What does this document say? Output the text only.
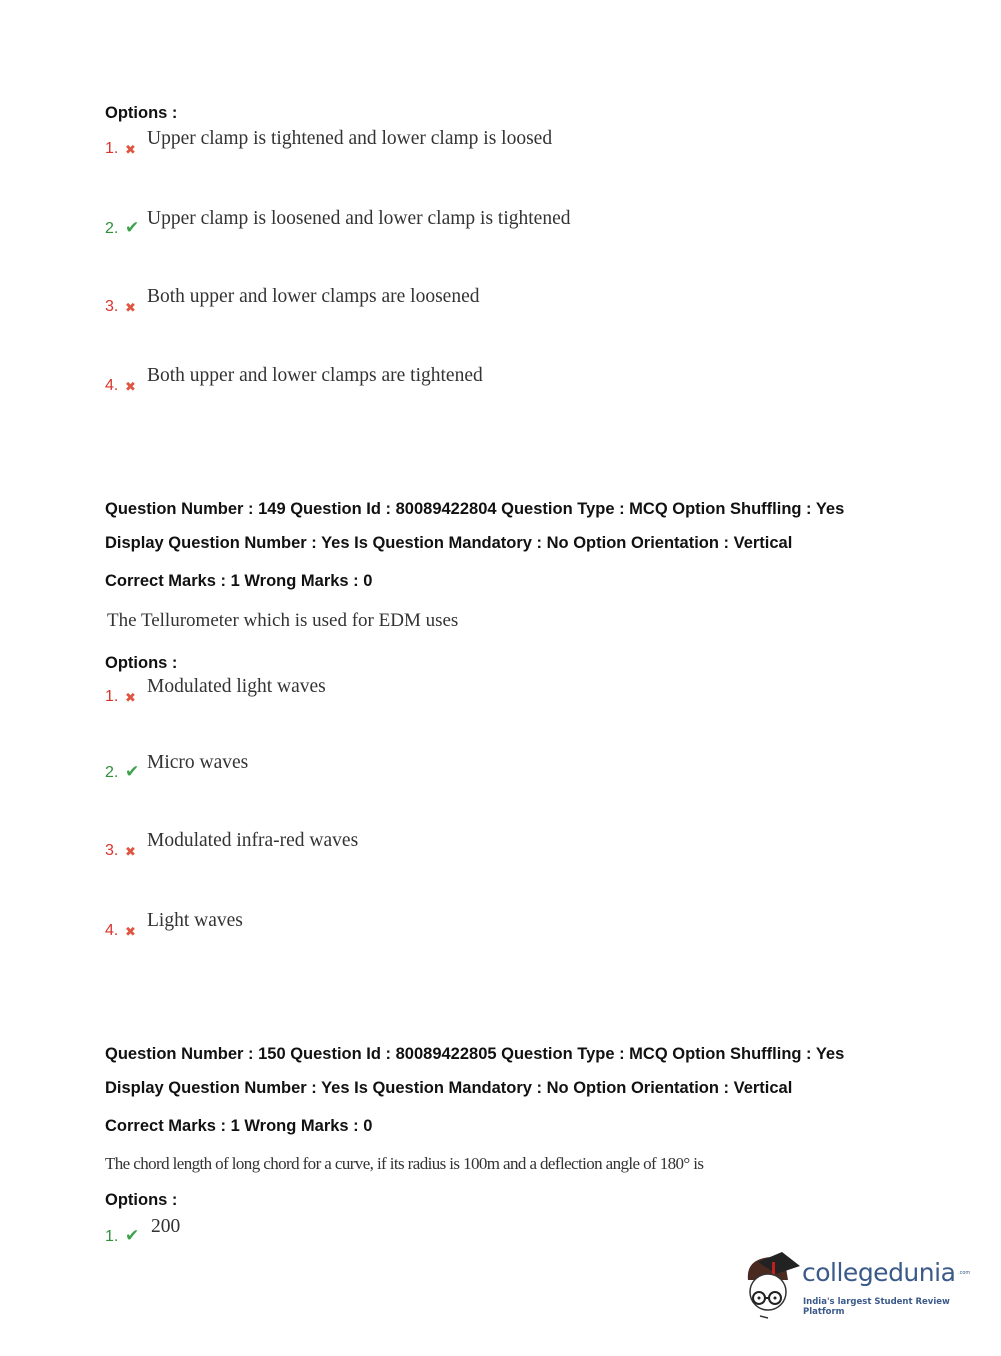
Options :
1. ✖
Upper clamp is tightened and lower clamp is loosed
2. ✔ Upper clamp is loosened and lower clamp is tightened
3. ✖
Both upper and lower clamps are loosened
4. ✖
Both upper and lower clamps are tightened
Question Number : 149 Question Id : 80089422804 Question Type : MCQ Option Shuffling : Yes
Display Question Number : Yes Is Question Mandatory : No Option Orientation : Vertical
Correct Marks : 1 Wrong Marks : 0
The Tellurometer which is used for EDM uses
Options :
1. ✖
Modulated light waves
2. ✔ Micro waves
3. ✖
Modulated infra-red waves
4. ✖
Light waves
Question Number : 150 Question Id : 80089422805 Question Type : MCQ Option Shuffling : Yes
Display Question Number : Yes Is Question Mandatory : No Option Orientation : Vertical
Correct Marks : 1 Wrong Marks : 0
The chord length of long chord for a curve, if its radius is 100m and a deflection angle of 180° is
Options :
1. ✔ 200
collegedunia .com
India's largest Student Review Platform
